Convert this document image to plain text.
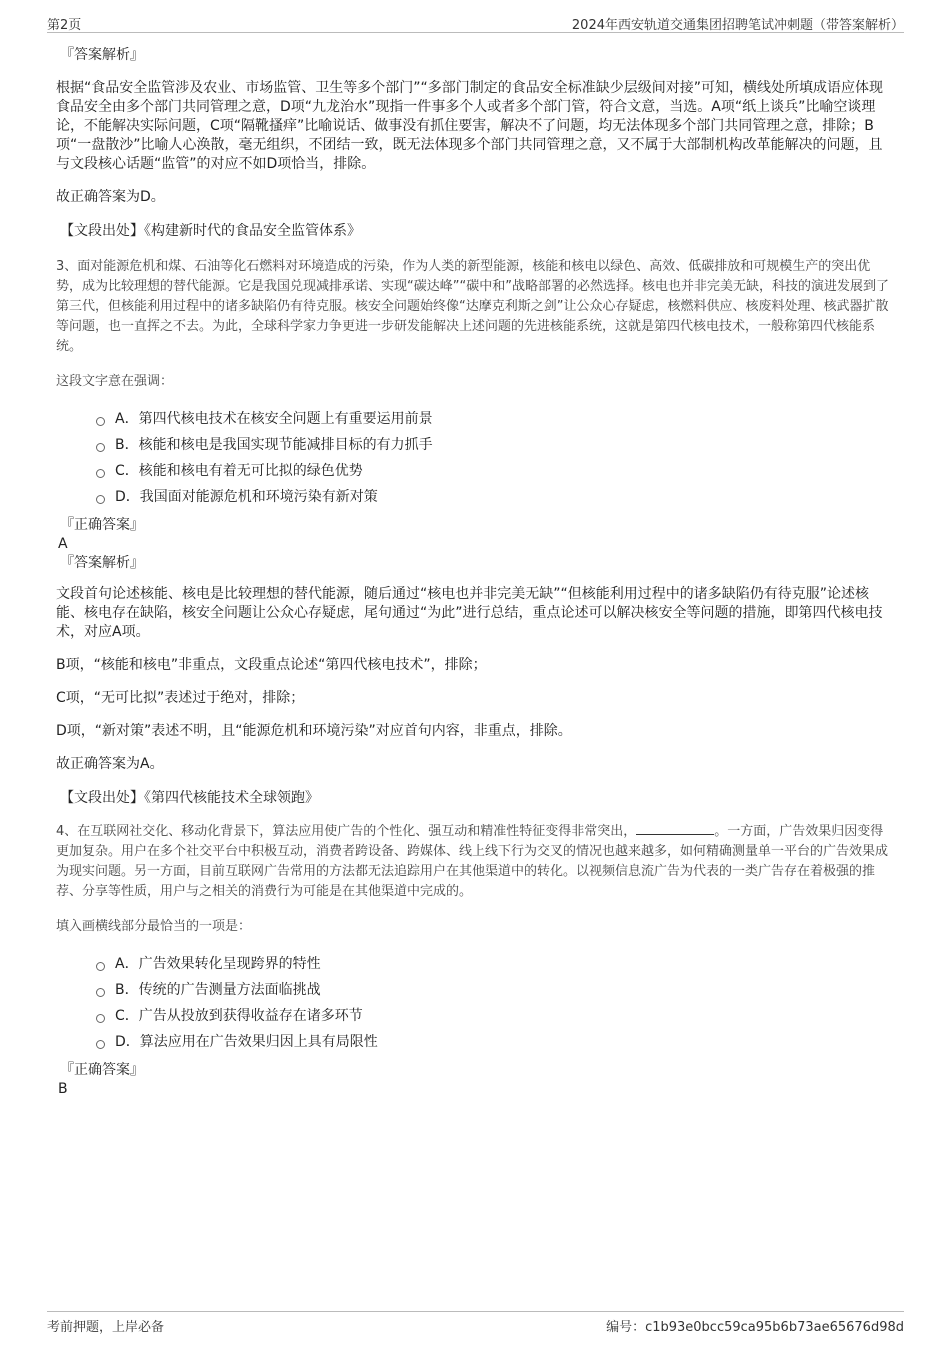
第2页	2024年西安轨道交通集团招聘笔试冲刺题（带答案解析）
『答案解析』

根据“食品安全监管涉及农业、市场监管、卫生等多个部门”“多部门制定的食品安全标准缺少层级间对接”可知，横线处所填成语应体现食品安全由多个部门共同管理之意，D项“九龙治水”现指一件事多个人或者多个部门管，符合文意，当选。A项“纸上谈兵”比喻空谈理论，不能解决实际问题，C项“隔靴搔痒”比喻说话、做事没有抓住要害，解决不了问题，均无法体现多个部门共同管理之意，排除；B项“一盘散沙”比喻人心涣散，毫无组织，不团结一致，既无法体现多个部门共同管理之意，又不属于大部制机构改革能解决的问题，且与文段核心话题“监管”的对应不如D项恰当，排除。

故正确答案为D。

【文段出处】《构建新时代的食品安全监管体系》

3、面对能源危机和煤、石油等化石燃料对环境造成的污染，作为人类的新型能源，核能和核电以绿色、高效、低碳排放和可规模生产的突出优势，成为比较理想的替代能源。它是我国兑现减排承诺、实现“碳达峰”“碳中和”战略部署的必然选择。核电也并非完美无缺，科技的演进发展到了第三代，但核能利用过程中的诸多缺陷仍有待克服。核安全问题始终像“达摩克利斯之剑”让公众心存疑虑，核燃料供应、核废料处理、核武器扩散等问题，也一直挥之不去。为此，全球科学家力争更进一步研发能解决上述问题的先进核能系统，这就是第四代核电技术，一般称第四代核能系统。

这段文字意在强调：

A． 第四代核电技术在核安全问题上有重要运用前景
B． 核能和核电是我国实现节能减排目标的有力抓手
C． 核能和核电有着无可比拟的绿色优势
D． 我国面对能源危机和环境污染有新对策
『正确答案』
A
『答案解析』

文段首句论述核能、核电是比较理想的替代能源，随后通过“核电也并非完美无缺”“但核能利用过程中的诸多缺陷仍有待克服”论述核能、核电存在缺陷，核安全问题让公众心存疑虑，尾句通过“为此”进行总结，重点论述可以解决核安全等问题的措施，即第四代核电技术，对应A项。

B项，“核能和核电”非重点，文段重点论述“第四代核电技术”，排除；

C项，“无可比拟”表述过于绝对，排除；

D项，“新对策”表述不明，且“能源危机和环境污染”对应首句内容，非重点，排除。

故正确答案为A。

【文段出处】《第四代核能技术全球领跑》

4、在互联网社交化、移动化背景下，算法应用使广告的个性化、强互动和精准性特征变得非常突出，	。一方面，广告效果归因变得更加复杂。用户在多个社交平台中积极互动，消费者跨设备、跨媒体、线上线下行为交叉的情况也越来越多，如何精确测量单一平台的广告效果成为现实问题。另一方面，目前互联网广告常用的方法都无法追踪用户在其他渠道中的转化。以视频信息流广告为代表的一类广告存在着极强的推荐、分享等性质，用户与之相关的消费行为可能是在其他渠道中完成的。

填入画横线部分最恰当的一项是：

A． 广告效果转化呈现跨界的特性
B． 传统的广告测量方法面临挑战
C． 广告从投放到获得收益存在诸多环节
D． 算法应用在广告效果归因上具有局限性
『正确答案』
B
考前押题，上岸必备	编号：c1b93e0bcc59ca95b6b73ae65676d98d
